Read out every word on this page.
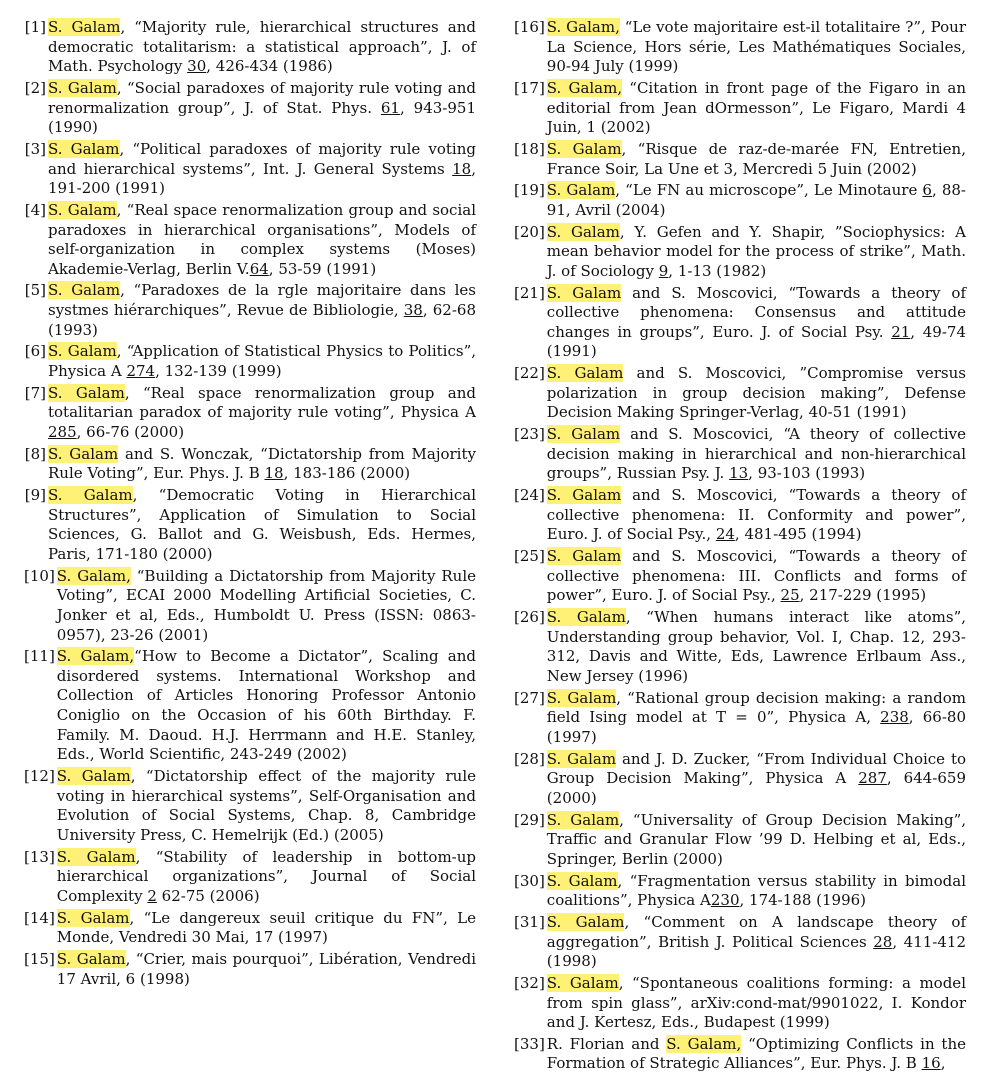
[1] S. Galam, “Majority rule, hierarchical structures and democratic totalitarism: a statistical approach”, J. of Math. Psychology 30, 426-434 (1986)
[2] S. Galam, “Social paradoxes of majority rule voting and renormalization group”, J. of Stat. Phys. 61, 943-951 (1990)
[3] S. Galam, “Political paradoxes of majority rule voting and hierarchical systems”, Int. J. General Systems 18, 191-200 (1991)
[4] S. Galam, “Real space renormalization group and social paradoxes in hierarchical organisations”, Models of self-organization in complex systems (Moses) Akademie-Verlag, Berlin V.64, 53-59 (1991)
[5] S. Galam, “Paradoxes de la rgle majoritaire dans les systmes hiérarchiques”, Revue de Bibliologie, 38, 62-68 (1993)
[6] S. Galam, “Application of Statistical Physics to Politics”, Physica A 274, 132-139 (1999)
[7] S. Galam, “Real space renormalization group and totalitarian paradox of majority rule voting”, Physica A 285, 66-76 (2000)
[8] S. Galam and S. Wonczak, “Dictatorship from Majority Rule Voting”, Eur. Phys. J. B 18, 183-186 (2000)
[9] S. Galam, “Democratic Voting in Hierarchical Structures”, Application of Simulation to Social Sciences, G. Ballot and G. Weisbush, Eds. Hermes, Paris, 171-180 (2000)
[10] S. Galam, “Building a Dictatorship from Majority Rule Voting”, ECAI 2000 Modelling Artificial Societies, C. Jonker et al, Eds., Humboldt U. Press (ISSN: 0863-0957), 23-26 (2001)
[11] S. Galam,“How to Become a Dictator”, Scaling and disordered systems. International Workshop and Collection of Articles Honoring Professor Antonio Coniglio on the Occasion of his 60th Birthday. F. Family. M. Daoud. H.J. Herrmann and H.E. Stanley, Eds., World Scientific, 243-249 (2002)
[12] S. Galam, “Dictatorship effect of the majority rule voting in hierarchical systems”, Self-Organisation and Evolution of Social Systems, Chap. 8, Cambridge University Press, C. Hemelrijk (Ed.) (2005)
[13] S. Galam, “Stability of leadership in bottom-up hierarchical organizations”, Journal of Social Complexity 2 62-75 (2006)
[14] S. Galam, “Le dangereux seuil critique du FN”, Le Monde, Vendredi 30 Mai, 17 (1997)
[15] S. Galam, “Crier, mais pourquoi”, Libération, Vendredi 17 Avril, 6 (1998)
[16] S. Galam, “Le vote majoritaire est-il totalitaire ?”, Pour La Science, Hors série, Les Mathématiques Sociales, 90-94 July (1999)
[17] S. Galam, “Citation in front page of the Figaro in an editorial from Jean dOrmesson”, Le Figaro, Mardi 4 Juin, 1 (2002)
[18] S. Galam, “Risque de raz-de-marée FN, Entretien, France Soir, La Une et 3, Mercredi 5 Juin (2002)
[19] S. Galam, “Le FN au microscope”, Le Minotaure 6, 88-91, Avril (2004)
[20] S. Galam, Y. Gefen and Y. Shapir, ”Sociophysics: A mean behavior model for the process of strike”, Math. J. of Sociology 9, 1-13 (1982)
[21] S. Galam and S. Moscovici, “Towards a theory of collective phenomena: Consensus and attitude changes in groups”, Euro. J. of Social Psy. 21, 49-74 (1991)
[22] S. Galam and S. Moscovici, ”Compromise versus polarization in group decision making”, Defense Decision Making Springer-Verlag, 40-51 (1991)
[23] S. Galam and S. Moscovici, “A theory of collective decision making in hierarchical and non-hierarchical groups”, Russian Psy. J. 13, 93-103 (1993)
[24] S. Galam and S. Moscovici, “Towards a theory of collective phenomena: II. Conformity and power”, Euro. J. of Social Psy., 24, 481-495 (1994)
[25] S. Galam and S. Moscovici, “Towards a theory of collective phenomena: III. Conflicts and forms of power”, Euro. J. of Social Psy., 25, 217-229 (1995)
[26] S. Galam, “When humans interact like atoms”, Understanding group behavior, Vol. I, Chap. 12, 293-312, Davis and Witte, Eds, Lawrence Erlbaum Ass., New Jersey (1996)
[27] S. Galam, “Rational group decision making: a random field Ising model at T = 0”, Physica A, 238, 66-80 (1997)
[28] S. Galam and J. D. Zucker, “From Individual Choice to Group Decision Making”, Physica A 287, 644-659 (2000)
[29] S. Galam, “Universality of Group Decision Making”, Traffic and Granular Flow ’99 D. Helbing et al, Eds., Springer, Berlin (2000)
[30] S. Galam, “Fragmentation versus stability in bimodal coalitions”, Physica A230, 174-188 (1996)
[31] S. Galam, “Comment on A landscape theory of aggregation”, British J. Political Sciences 28, 411-412 (1998)
[32] S. Galam, “Spontaneous coalitions forming: a model from spin glass”, arXiv:cond-mat/9901022, I. Kondor and J. Kertesz, Eds., Budapest (1999)
[33] R. Florian and S. Galam, “Optimizing Conflicts in the Formation of Strategic Alliances”, Eur. Phys. J. B 16,
